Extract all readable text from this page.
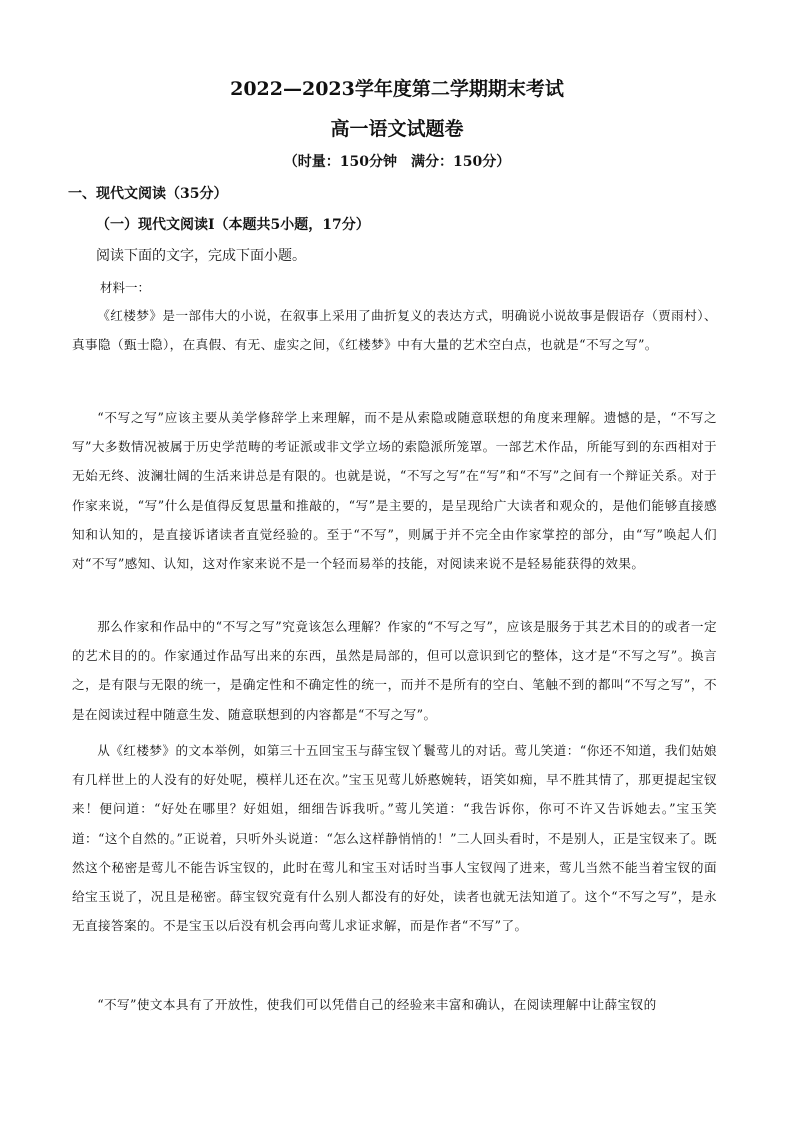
2022—2023学年度第二学期期末考试
高一语文试题卷
（时量：150分钟　满分：150分）
一、现代文阅读（35分）
（一）现代文阅读Ⅰ（本题共5小题，17分）
阅读下面的文字，完成下面小题。
材料一：
《红楼梦》是一部伟大的小说，在叙事上采用了曲折复义的表达方式，明确说小说故事是假语存（贾雨村）、真事隐（甄士隐），在真假、有无、虚实之间，《红楼梦》中有大量的艺术空白点，也就是“不写之写”。
“不写之写”应该主要从美学修辞学上来理解，而不是从索隐或随意联想的角度来理解。遗憾的是，“不写之写”大多数情况被属于历史学范畴的考证派或非文学立场的索隐派所笼罩。一部艺术作品，所能写到的东西相对于无始无终、波澜壮阔的生活来讲总是有限的。也就是说，“不写之写”在“写”和“不写”之间有一个辩证关系。对于作家来说，“写”什么是值得反复思量和推敲的，“写”是主要的，是呈现给广大读者和观众的，是他们能够直接感知和认知的，是直接诉诸读者直觉经验的。至于“不写”，则属于并不完全由作家掌控的部分，由“写”唤起人们对“不写”感知、认知，这对作家来说不是一个轻而易举的技能，对阅读来说不是轻易能获得的效果。
那么作家和作品中的“不写之写”究竟该怎么理解？作家的“不写之写”，应该是服务于其艺术目的的或者一定的艺术目的的。作家通过作品写出来的东西，虽然是局部的，但可以意识到它的整体，这才是“不写之写”。换言之，是有限与无限的统一，是确定性和不确定性的统一，而并不是所有的空白、笔触不到的都叫“不写之写”，不是在阅读过程中随意生发、随意联想到的内容都是“不写之写”。
从《红楼梦》的文本举例，如第三十五回宝玉与薛宝钗丫鬟莺儿的对话。莺儿笑道：“你还不知道，我们姑娘有几样世上的人没有的好处呢，模样儿还在次。”宝玉见莺儿娇憨婉转，语笑如痴，早不胜其情了，那更提起宝钗来！便问道：“好处在哪里？好姐姐，细细告诉我听。”莺儿笑道：“我告诉你，你可不许又告诉她去。”宝玉笑道：“这个自然的。”正说着，只听外头说道：“怎么这样静悄悄的！”二人回头看时，不是别人，正是宝钗来了。既然这个秘密是莺儿不能告诉宝钗的，此时在莺儿和宝玉对话时当事人宝钗闯了进来，莺儿当然不能当着宝钗的面给宝玉说了，况且是秘密。薛宝钗究竟有什么别人都没有的好处，读者也就无法知道了。这个“不写之写”，是永无直接答案的。不是宝玉以后没有机会再向莺儿求证求解，而是作者“不写”了。
“不写”使文本具有了开放性，使我们可以凭借自己的经验来丰富和确认，在阅读理解中让薛宝钗的
